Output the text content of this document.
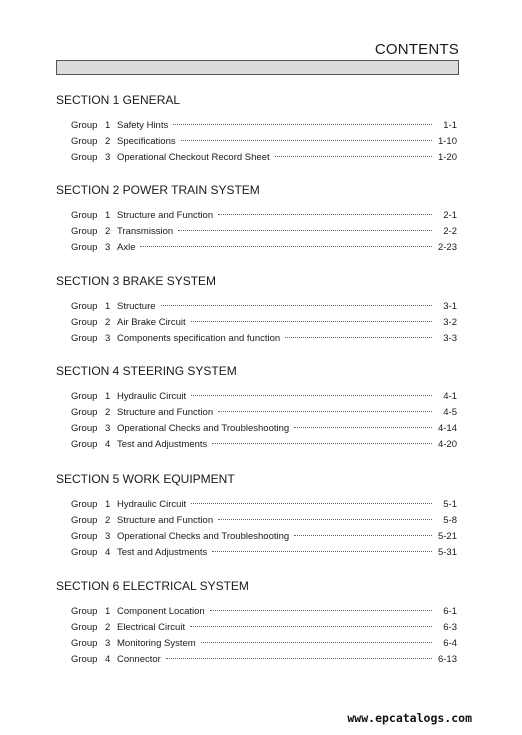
CONTENTS
SECTION 1 GENERAL
Group 1 Safety Hints	1-1
Group 2 Specifications	1-10
Group 3 Operational Checkout Record Sheet	1-20
SECTION 2 POWER TRAIN SYSTEM
Group 1 Structure and Function	2-1
Group 2 Transmission	2-2
Group 3 Axle	2-23
SECTION 3 BRAKE SYSTEM
Group 1 Structure	3-1
Group 2 Air Brake Circuit	3-2
Group 3 Components specification and function	3-3
SECTION 4 STEERING SYSTEM
Group 1 Hydraulic Circuit	4-1
Group 2 Structure and Function	4-5
Group 3 Operational Checks and Troubleshooting	4-14
Group 4 Test and Adjustments	4-20
SECTION 5 WORK EQUIPMENT
Group 1 Hydraulic Circuit	5-1
Group 2 Structure and Function	5-8
Group 3 Operational Checks and Troubleshooting	5-21
Group 4 Test and Adjustments	5-31
SECTION 6 ELECTRICAL SYSTEM
Group 1 Component Location	6-1
Group 2 Electrical Circuit	6-3
Group 3 Monitoring System	6-4
Group 4 Connector	6-13
www.epcatalogs.com
